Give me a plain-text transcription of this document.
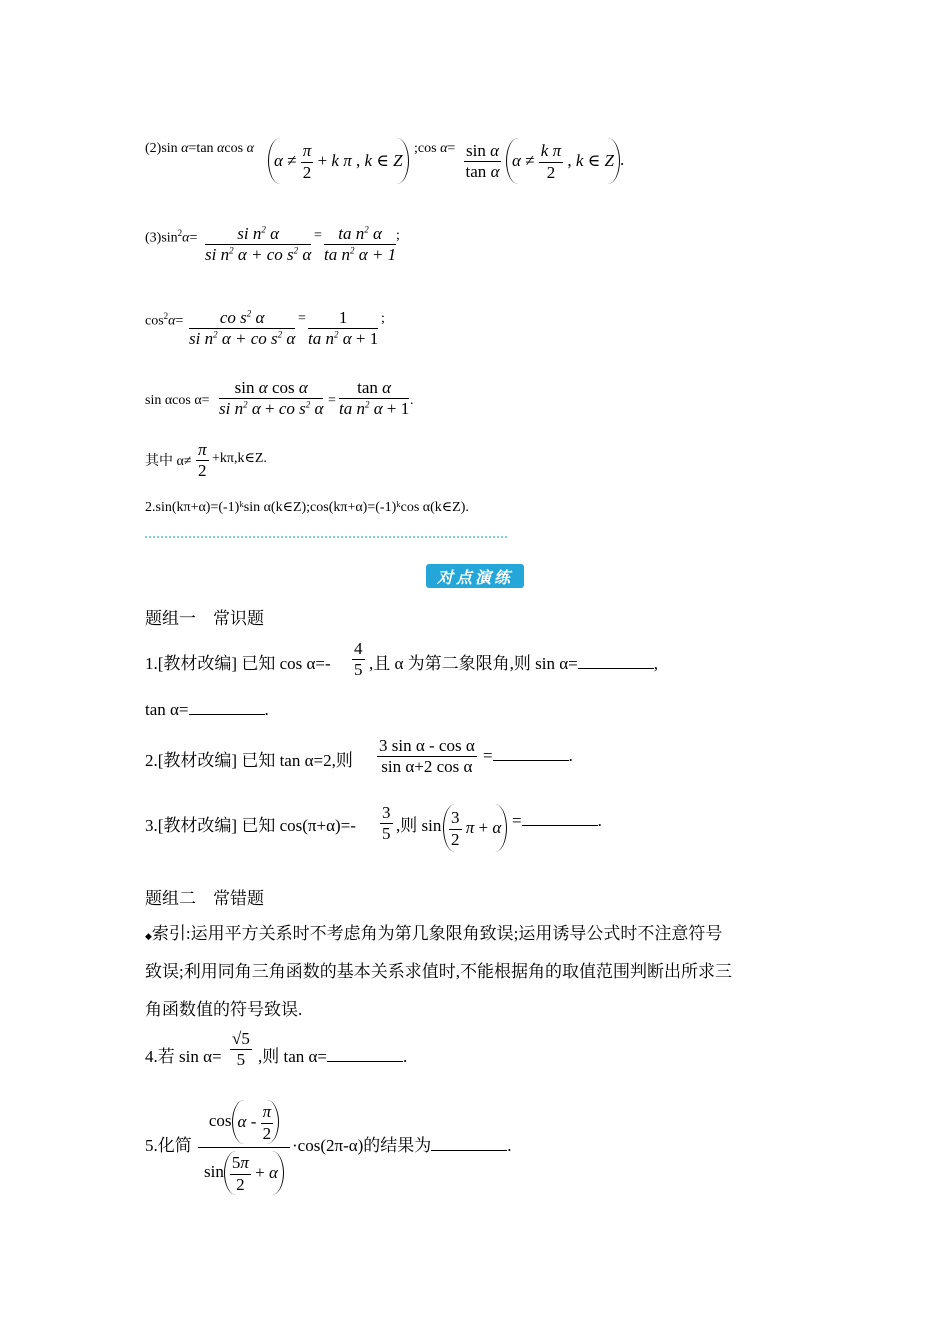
(2)sin α=tan αcos α
$\alpha \ne \frac{\pi}{2} + k$ π , k ∈ Z
;cos $\alpha= \frac{\text{sin α}}{\text{tan α}}$ $\alpha \ne \frac{\text{k π}}{2}$ , k ∈ Z .
$(3)\sin^2\alpha= \frac{si n^2 \alpha}{si n^2 \alpha + co s^2 \alpha} = \frac{ta n^2 \alpha}{ta n^2 \alpha + 1}$ ;
$\cos^2\alpha= \frac{co s^2 \alpha}{si n^2 \alpha + co s^2 \alpha} = \frac{1}{ta n^2 \alpha + 1}$ ;
sin αcos $\alpha= \frac{\text{sin α cos α}}{si n^2 \alpha + co s^2 \alpha} = \frac{\text{tan α}}{ta n^2 \alpha + 1}$ .
其中 $\alpha\ne \frac{\pi}{2}$ +kπ,k∈Z.
2.sin(kπ+α)=(-1)ᵏsin α(k∈Z);cos(kπ+α)=(-1)ᵏcos α(k∈Z).
对点演练
题组一　常识题
1.[教材改编] 已知 $\cos \alpha=- \frac{4}{5}$ ,且 α 为第二象限角,则 sin α=	,
tan α=	.
2.[教材改编] 已知 tan α=2,则 $\frac{\text{3 sin α - cos α}}{\text{sin α+2 cos α}}$ =	.
3.[教材改编] 已知 $\cos(\pi+\alpha)=- \frac{3}{5}$ ,则 $\sin \frac{3}{2}$ π + α =	.
题组二　常错题
◆索引:运用平方关系时不考虑角为第几象限角致误;运用诱导公式时不注意符号
致误;利用同角三角函数的基本关系求值时,不能根据角的取值范围判断出所求三
角函数值的符号致误.
4.若 $\sin \alpha= \frac{√5}{5}$ ,则 tan α=	.
5.化简
cos α - $\frac{\pi}{2}$
$\sin \frac{5\pi}{2} + \alpha$
·cos(2π-α)的结果为	.
